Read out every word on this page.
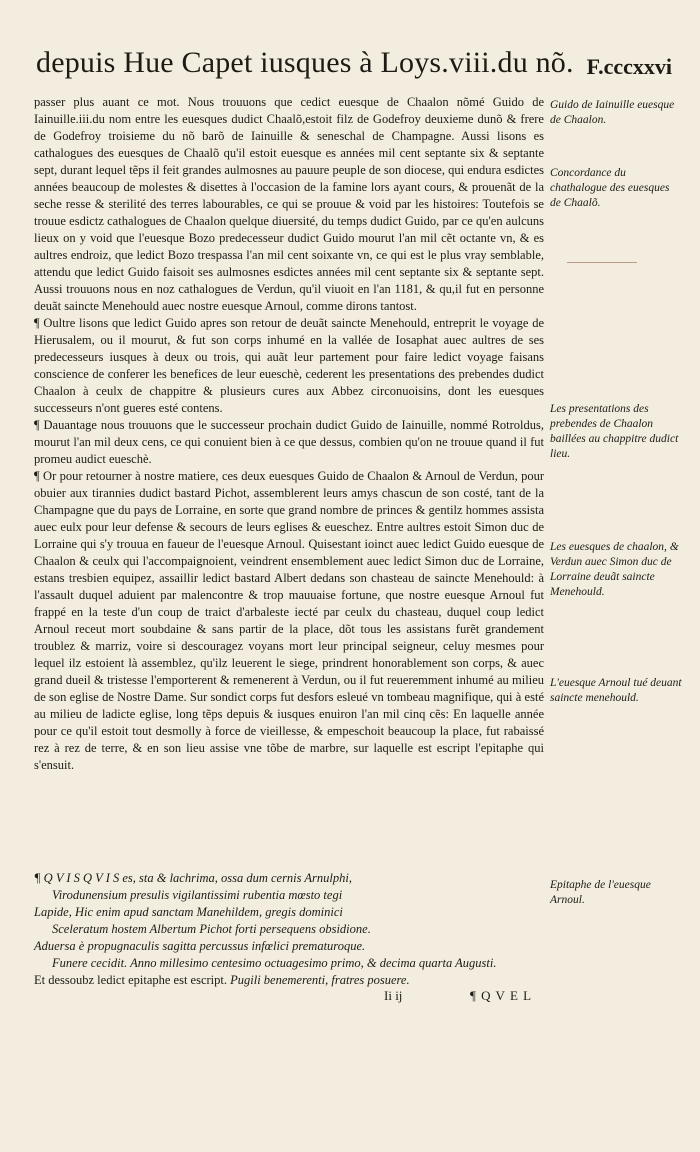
depuis Hue Capet iusques à Loys.viii.du nõ. F.cccxxvi

passer plus auant ce mot. Nous trouuons que cedict euesque de Chaalon nõmé Guido de Iainuille.iii.du nom entre les euesques dudict Chaalõ,estoit filz de Godefroy deuxieme dunõ & frere de Godefroy troisieme du nõ barõ de Iainuille & seneschal de Champagne. Aussi lisons es cathalogues des euesques de Chaalõ qu'il estoit euesque es années mil cent septante six & septante sept, durant lequel tẽps il feit grandes aulmosnes au pauure peuple de son diocese, qui endura esdictes années beaucoup de molestes & disettes à l'occasion de la famine lors ayant cours, & prouenãt de la seche resse & sterilité des terres labourables, ce qui se prouue & void par les histoires: Toutefois se trouue esdictz cathalogues de Chaalon quelque diuersité, du temps dudict Guido, par ce qu'en aulcuns lieux on y void que l'euesque Bozo predecesseur dudict Guido mourut l'an mil cẽt octante vn, & es aultres endroiz, que ledict Bozo trespassa l'an mil cent soixante vn, ce qui est le plus vray semblable, attendu que ledict Guido faisoit ses aulmosnes esdictes années mil cent septante six & septante sept. Aussi trouuons nous en noz cathalogues de Verdun, qu'il viuoit en l'an 1181, & qu,il fut en personne deuãt saincte Menehould auec nostre euesque Arnoul, comme dirons tantost.

¶ Oultre lisons que ledict Guido apres son retour de deuãt saincte Menehould, entreprit le voyage de Hierusalem, ou il mourut, & fut son corps inhumé en la vallée de Iosaphat auec aultres de ses predecesseurs iusques à deux ou trois, qui auãt leur partement pour faire ledict voyage faisans conscience de conferer les benefices de leur eueschè, cederent les presentations des prebendes dudict Chaalon à ceulx de chappitre & plusieurs cures aux Abbez circonuoisins, dont les euesques successeurs n'ont gueres esté contens.

¶ Dauantage nous trouuons que le successeur prochain dudict Guido de Iainuille, nommé Rotroldus, mourut l'an mil deux cens, ce qui conuient bien à ce que dessus, combien qu'on ne trouue quand il fut promeu audict eueschè.

¶ Or pour retourner à nostre matiere, ces deux euesques Guido de Chaalon & Arnoul de Verdun, pour obuier aux tirannies dudict bastard Pichot, assemblerent leurs amys chascun de son costé, tant de la Champagne que du pays de Lorraine, en sorte que grand nombre de princes & gentilz hommes assista auec eulx pour leur defense & secours de leurs eglises & eueschez. Entre aultres estoit Simon duc de Lorraine qui s'y trouua en faueur de l'euesque Arnoul. Quisestant ioinct auec ledict Guido euesque de Chaalon & ceulx qui l'accompaignoient, veindrent ensemblement auec ledict Simon duc de Lorraine, estans tresbien equipez, assaillir ledict bastard Albert dedans son chasteau de saincte Menehould: à l'assault duquel aduient par malencontre & trop mauuaise fortune, que nostre euesque Arnoul fut frappé en la teste d'un coup de traict d'arbaleste iecté par ceulx du chasteau, duquel coup ledict Arnoul receut mort soubdaine & sans partir de la place, dõt tous les assistans furẽt grandement troublez & marriz, voire si descouragez voyans mort leur principal seigneur, celuy mesmes pour lequel ilz estoient là assemblez, qu'ilz leuerent le siege, prindrent honorablement son corps, & auec grand dueil & tristesse l'emporterent & remenerent à Verdun, ou il fut reueremment inhumé au milieu de son eglise de Nostre Dame. Sur sondict corps fut desfors esleué vn tombeau magnifique, qui à esté au milieu de ladicte eglise, long tẽps depuis & iusques enuiron l'an mil cinq cẽs: En laquelle année pour ce qu'il estoit tout desmolly à force de vieillesse, & empeschoit beaucoup la place, fut rabaissé rez à rez de terre, & en son lieu assise vne tõbe de marbre, sur laquelle est escript l'epitaphe qui s'ensuit.

Guido de Iainuille euesque de Chaalon.
Concordance du chathalogue des euesques de Chaalõ.
Les presentations des prebendes de Chaalon baillées au chappitre dudict lieu.
Les euesques de chaalon, & Verdun auec Simon duc de Lorraine deuãt saincte Menehould.
L'euesque Arnoul tué deuant saincte menehould.
Epitaphe de l'euesque Arnoul.
¶ Q V I S Q V I S es, sta & lachrima, ossa dum cernis Arnulphi,
Virodunensium presulis vigilantissimi rubentia mœsto tegi
Lapide, Hic enim apud sanctam Manehildem, gregis dominici
Sceleratum hostem Albertum Pichot forti persequens obsidione.
Aduersa è propugnaculis sagitta percussus infœlici prematuroque.
Funere cecidit. Anno millesimo centesimo octuagesimo primo, & decima quarta Augusti.
Et dessoubz ledict epitaphe est escript. Pugili benemerenti, fratres posuere.
Ii ij	¶ Q V E L
